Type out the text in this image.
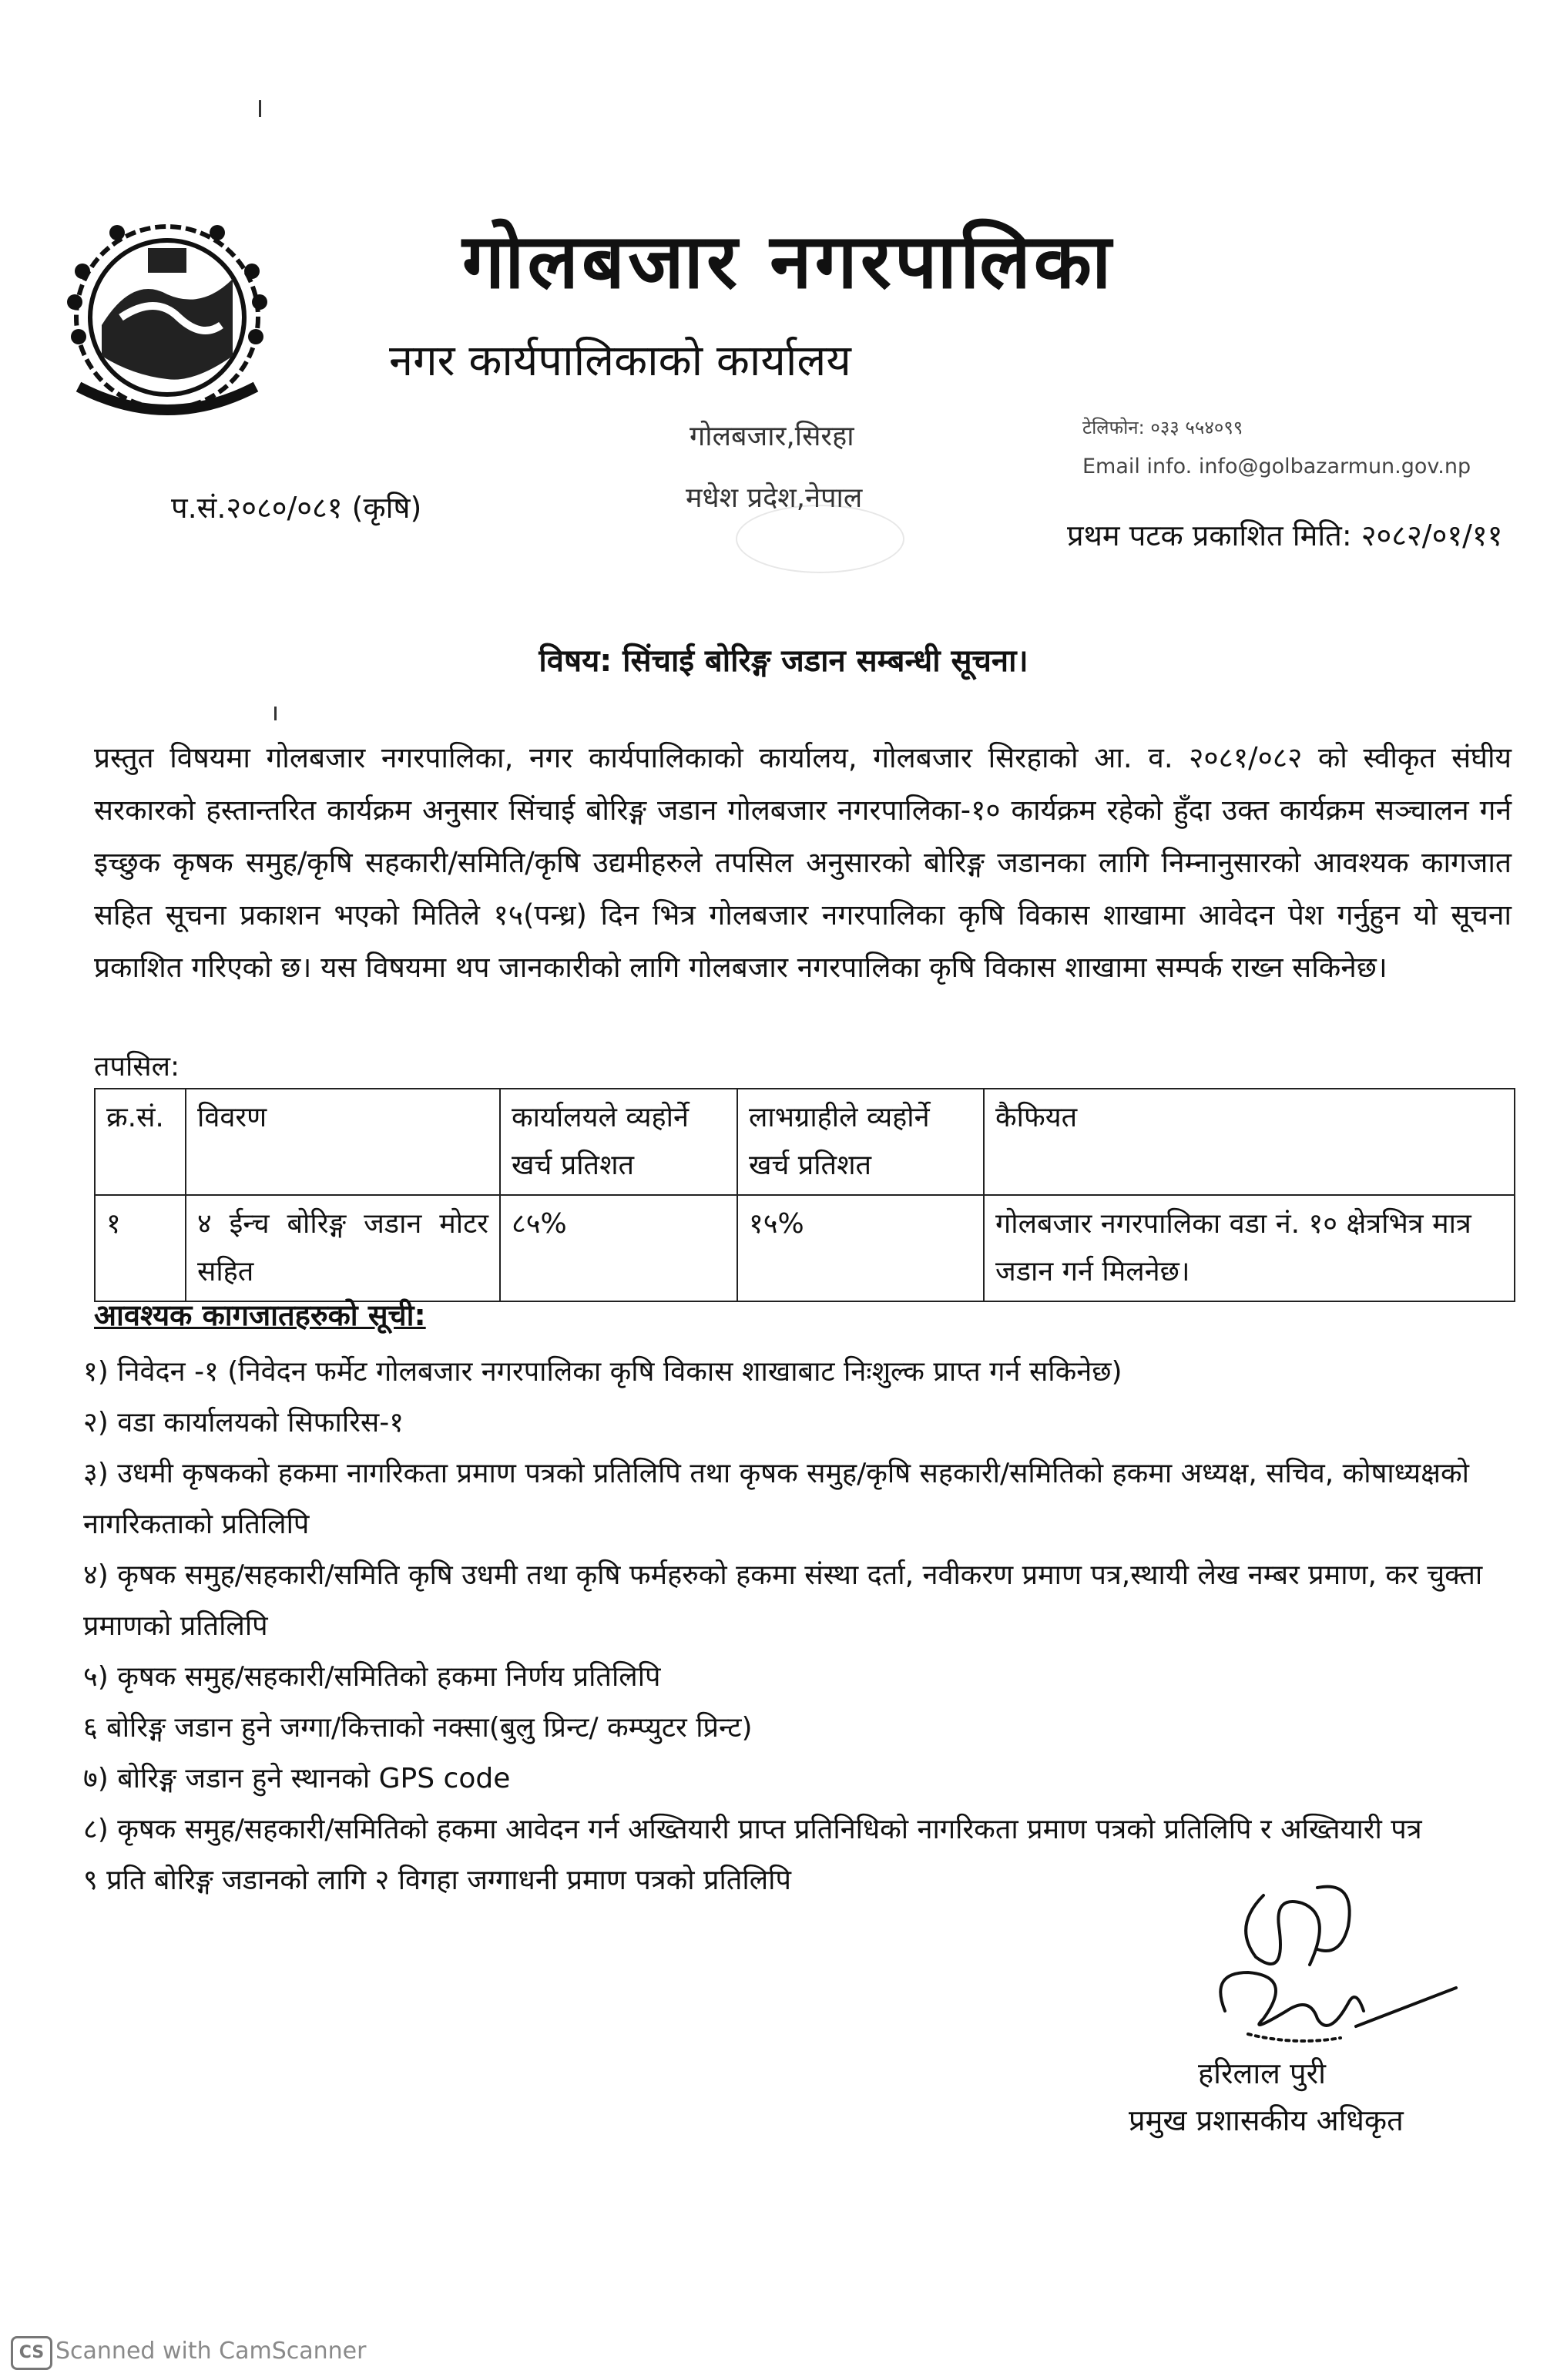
गोलबजार नगरपालिका
नगर कार्यपालिकाको कार्यालय
गोलबजार,सिरहा
मधेश प्रदेश,नेपाल
टेलिफोन: ०३३ ५५४०९९
Email info. info@golbazarmun.gov.np
प.सं.२०८०/०८१ (कृषि)
प्रथम पटक प्रकाशित मिति: २०८२/०१/११
विषय: सिंचाई बोरिङ्ग जडान सम्बन्धी सूचना।
प्रस्तुत विषयमा गोलबजार नगरपालिका, नगर कार्यपालिकाको कार्यालय, गोलबजार सिरहाको आ. व. २०८१/०८२ को स्वीकृत संघीय सरकारको हस्तान्तरित कार्यक्रम अनुसार सिंचाई बोरिङ्ग जडान गोलबजार नगरपालिका-१० कार्यक्रम रहेको हुँदा उक्त कार्यक्रम सञ्चालन गर्न इच्छुक कृषक समुह/कृषि सहकारी/समिति/कृषि उद्यमीहरुले तपसिल अनुसारको बोरिङ्ग जडानका लागि निम्नानुसारको आवश्यक कागजात सहित सूचना प्रकाशन भएको मितिले १५(पन्ध्र) दिन भित्र गोलबजार नगरपालिका कृषि विकास शाखामा आवेदन पेश गर्नुहुन यो सूचना प्रकाशित गरिएको छ। यस विषयमा थप जानकारीको लागि गोलबजार नगरपालिका कृषि विकास शाखामा सम्पर्क राख्न सकिनेछ।
तपसिल:
क्र.सं.	विवरण	कार्यालयले व्यहोर्ने खर्च प्रतिशत	लाभग्राहीले व्यहोर्ने खर्च प्रतिशत	कैफियत
१	४ ईन्च बोरिङ्ग जडान मोटर सहित	८५%	१५%	गोलबजार नगरपालिका वडा नं. १० क्षेत्रभित्र मात्र जडान गर्न मिलनेछ।
आवश्यक कागजातहरुको सूची:
१) निवेदन -१ (निवेदन फर्मेट गोलबजार नगरपालिका कृषि विकास शाखाबाट निःशुल्क प्राप्त गर्न सकिनेछ)
२) वडा कार्यालयको सिफारिस-१
३) उधमी कृषकको हकमा नागरिकता प्रमाण पत्रको प्रतिलिपि तथा कृषक समुह/कृषि सहकारी/समितिको हकमा अध्यक्ष, सचिव, कोषाध्यक्षको नागरिकताको प्रतिलिपि
४) कृषक समुह/सहकारी/समिति कृषि उधमी तथा कृषि फर्महरुको हकमा संस्था दर्ता, नवीकरण प्रमाण पत्र,स्थायी लेख नम्बर प्रमाण, कर चुक्ता प्रमाणको प्रतिलिपि
५) कृषक समुह/सहकारी/समितिको हकमा निर्णय प्रतिलिपि
६ बोरिङ्ग जडान हुने जग्गा/कित्ताको नक्सा(बुलु प्रिन्ट/ कम्प्युटर प्रिन्ट)
७) बोरिङ्ग जडान हुने स्थानको GPS code
८) कृषक समुह/सहकारी/समितिको हकमा आवेदन गर्न अख्तियारी प्राप्त प्रतिनिधिको नागरिकता प्रमाण पत्रको प्रतिलिपि र अख्तियारी पत्र
९ प्रति बोरिङ्ग जडानको लागि २ विगहा जग्गाधनी प्रमाण पत्रको प्रतिलिपि
हरिलाल पुरी
प्रमुख प्रशासकीय अधिकृत
CS Scanned with CamScanner
